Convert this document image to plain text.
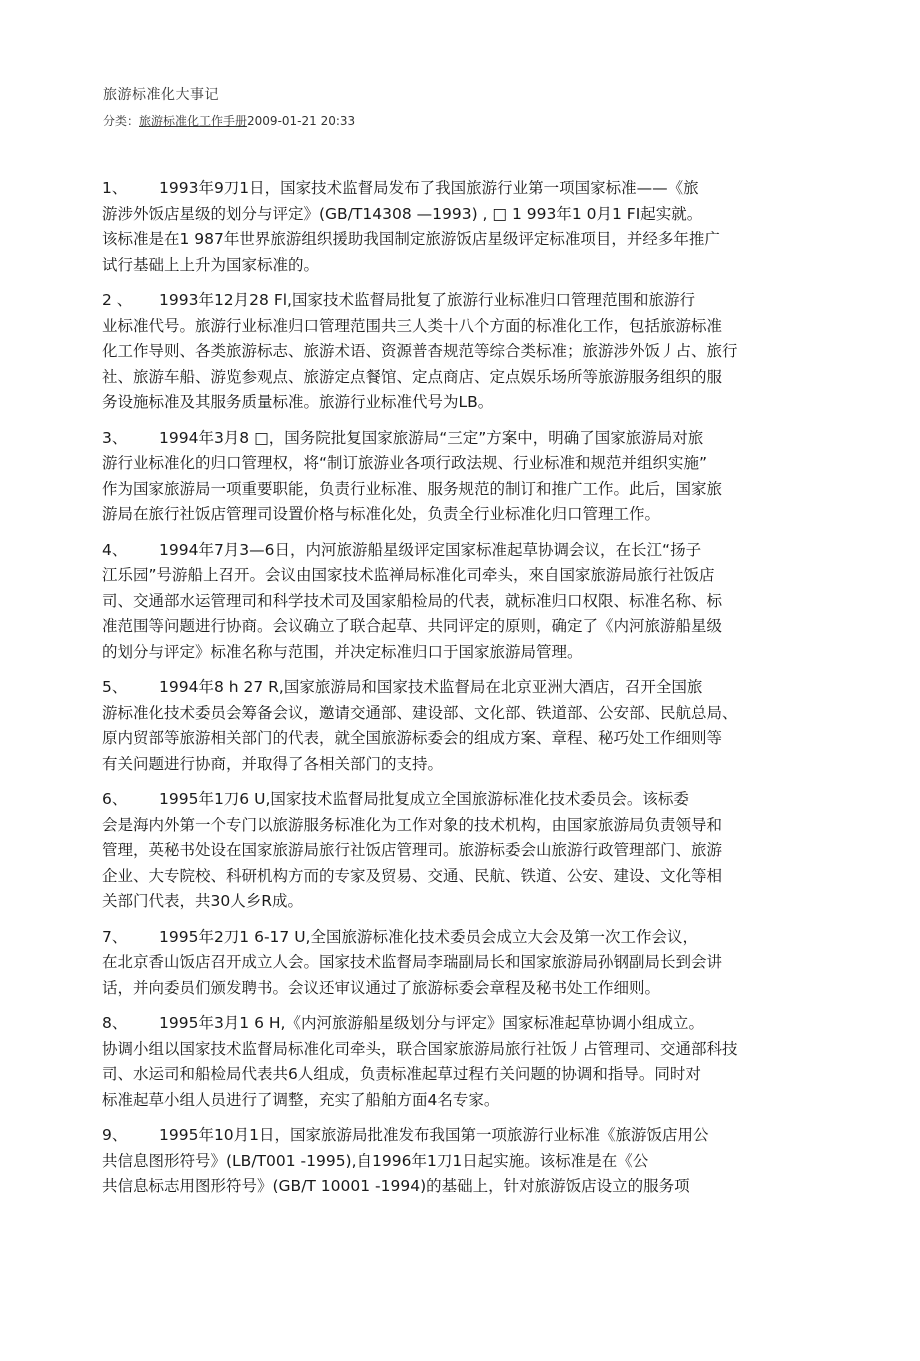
旅游标准化大事记
分类：旅游标准化工作手册2009-01-21 20:33
1、 1993年9刀1日，国家技术监督局发布了我国旅游行业第一项国家标准——《旅
游涉外饭店星级的划分与评定》(GB/T14308 —1993) , □ 1 993年1 0月1 FI起实就。
该标准是在1 987年世界旅游组织援助我国制定旅游饭店星级评定标准项目，并经多年推广
试行基础上上升为国家标准的。
2 、 1993年12月28 Fl,国家技术监督局批复了旅游行业标准归口管理范围和旅游行
业标准代号。旅游行业标准归口管理范围共三人类十八个方面的标准化工作，包括旅游标准
化工作导则、各类旅游标志、旅游术语、资源普杳规范等综合类标准；旅游涉外饭丿占、旅行
社、旅游车船、游览参观点、旅游定点餐馆、定点商店、定点娱乐场所等旅游服务组织的服
务设施标准及其服务质量标准。旅游行业标准代号为LB。
3、 1994年3月8 □，国务院批复国家旅游局“三定”方案中，明确了国家旅游局对旅
游行业标准化的归口管理权，将“制订旅游业各项行政法规、行业标准和规范并组织实施”
作为国家旅游局一项重要职能，负责行业标准、服务规范的制订和推广工作。此后，国家旅
游局在旅行社饭店管理司设置价格与标准化处，负责全行业标准化归口管理工作。
4、 1994年7月3—6日，内河旅游船星级评定国家标准起草协调会议，在长江“扬子
江乐园”号游船上召开。会议由国家技术监禅局标准化司牵头，來自国家旅游局旅行社饭店
司、交通部水运管理司和科学技术司及国家船检局的代表，就标准归口权限、标准名称、标
准范围等问题进行协商。会议确立了联合起草、共同评定的原则，确定了《内河旅游船星级
的划分与评定》标准名称与范围，并决定标准归口于国家旅游局管理。
5、 1994年8 h 27 R,国家旅游局和国家技术监督局在北京亚洲大酒店，召开全国旅
游标准化技术委员会筹备会议，邀请交通部、建设部、文化部、铁道部、公安部、民航总局、
原内贸部等旅游相关部门的代表，就全国旅游标委会的组成方案、章程、秘巧处工作细则等
有关问题进行协商，并取得了各相关部门的支持。
6、 1995年1刀6 U,国家技术监督局批复成立全国旅游标准化技术委员会。该标委
会是海内外第一个专门以旅游服务标准化为工作对象的技术机构，由国家旅游局负责领导和
管理，英秘书处设在国家旅游局旅行社饭店管理司。旅游标委会山旅游行政管理部门、旅游
企业、大专院校、科研机构方而的专家及贸易、交通、民航、铁道、公安、建设、文化等相
关部门代表，共30人乡R成。
7、 1995年2刀1 6-17 U,全国旅游标准化技术委员会成立大会及第一次工作会议，
在北京香山饭店召开成立人会。国家技术监督局李瑞副局长和国家旅游局孙钢副局长到会讲
话，并向委员们颁发聘书。会议还审议通过了旅游标委会章程及秘书处工作细则。
8、 1995年3月1 6 H,《内河旅游船星级划分与评定》国家标准起草协调小组成立。
协调小组以国家技术监督局标准化司牵头，联合国家旅游局旅行社饭丿占管理司、交通部科技
司、水运司和船检局代表共6人组成，负责标准起草过程冇关问题的协调和指导。同时对
标准起草小组人员进行了调整，充实了船舶方面4名专家。
9、 1995年10月1日，国家旅游局批准发布我国第一项旅游行业标准《旅游饭店用公
共信息图形符号》(LB/T001 -1995),自1996年1刀1日起实施。该标准是在《公
共信息标志用图形符号》(GB/T 10001 -1994)的基础上，针对旅游饭店设立的服务项
